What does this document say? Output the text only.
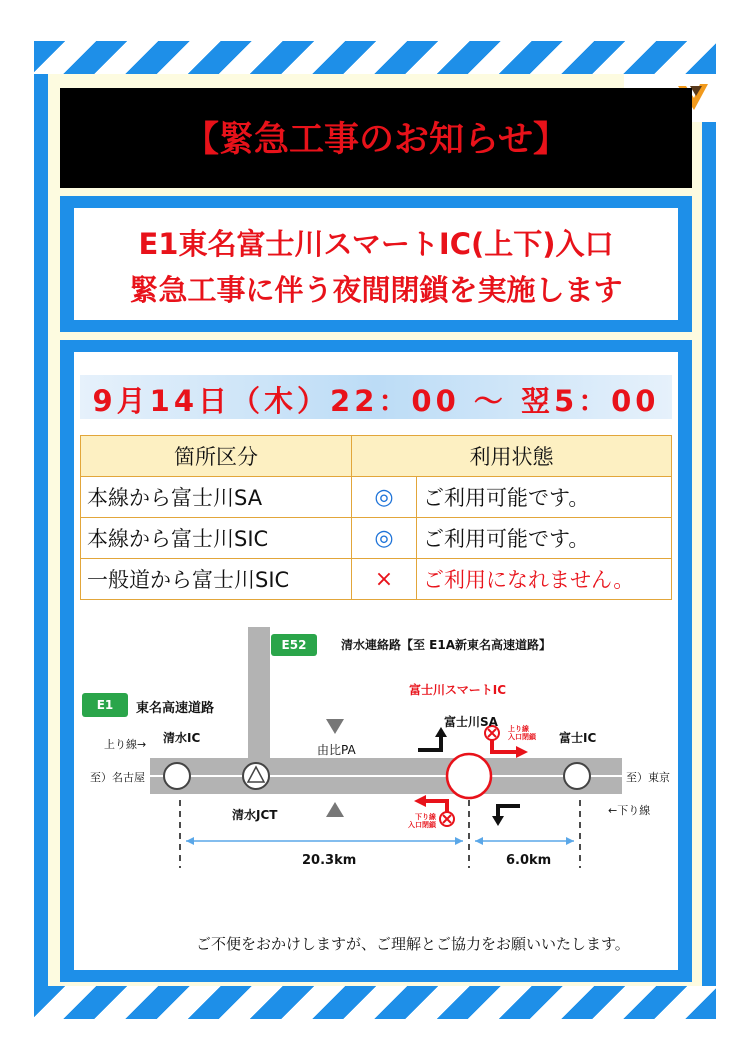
【緊急工事のお知らせ】
E1東名富士川スマートIC(上下)入口
緊急工事に伴う夜間閉鎖を実施します
9月14日（木）22：00 ～ 翌5：00
箇所区分	利用状態	
本線から富士川SA	◎	ご利用可能です。
本線から富士川SIC	◎	ご利用可能です。
一般道から富士川SIC	×	ご利用になれません。
E52	清水連絡路【至 E1A新東名高速道路】
E1	東名高速道路
富士川スマートIC
上り線→ 清水IC
由比PA
富士川SA 上り線
入口閉鎖 富士IC
至）名古屋	至）東京
清水JCT	下り線
入口閉鎖
←下り線
20.3km	6.0km
ご不便をおかけしますが、ご理解とご協力をお願いいたします。
